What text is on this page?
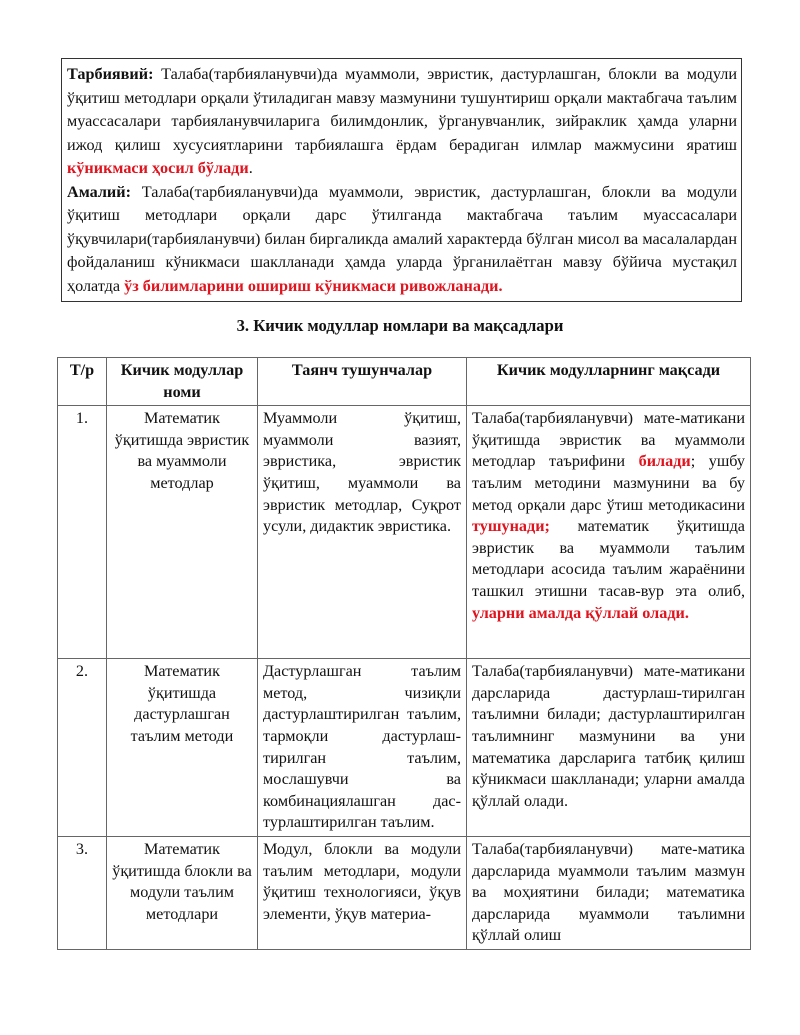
Тарбиявий: Талаба(тарбияланувчи)да муаммоли, эвристик, дастурлашган, блокли ва модули ўқитиш методлари орқали ўтиладиган мавзу мазмунини тушунтириш орқали мактабгача таълим муассасалари тарбияланувчиларига билимдонлик, ўрганувчанлик, зийраклик ҳамда уларни ижод қилиш хусусиятларини тарбиялашга ёрдам берадиган илмлар мажмусини яратиш кўникмаси ҳосил бўлади.

Амалий: Талаба(тарбияланувчи)да муаммоли, эвристик, дастурлашган, блокли ва модули ўқитиш методлари орқали дарс ўтилганда мактабгача таълим муассасалари ўқувчилари(тарбияланувчи) билан биргаликда амалий характерда бўлган мисол ва масалалардан фойдаланиш кўникмаси шаклланади ҳамда уларда ўрганилаётган мавзу бўйича мустақил ҳолатда ўз билимларини ошириш кўникмаси ривожланади.

3. Кичик модуллар номлари ва мақсадлари
Т/р	Кичик модуллар номи	Таянч тушунчалар	Кичик модулларнинг мақсади
1.	Математик ўқитишда эвристик ва муаммоли методлар	Муаммоли ўқитиш, муаммоли вазият, эвристика, эвристик ўқитиш, муаммоли ва эвристик методлар, Суқрот усули, дидактик эвристика.	Талаба(тарбияланувчи) мате-матикани ўқитишда эвристик ва муаммоли методлар таърифини билади; ушбу таълим методини мазмунини ва бу метод орқали дарс ўтиш методикасини тушунади; математик ўқитишда эвристик ва муаммоли таълим методлари асосида таълим жараёнини ташкил этишни тасав-вур эта олиб, уларни амалда қўллай олади.
2.	Математик ўқитишда дастурлашган таълим методи	Дастурлашган таълим метод, чизиқли дастурлаштирилган таълим, тармоқли дастурлаш-тирилган таълим, мослашувчи ва комбинациялашган дас-турлаштирилган таълим.	Талаба(тарбияланувчи) мате-матикани дарсларида дастурлаш-тирилган таълимни билади; дастурлаштирилган таълимнинг мазмунини ва уни математика дарсларига татбиқ қилиш кўникмаси шаклланади; уларни амалда қўллай олади.
3.	Математик ўқитишда блокли ва модули таълим методлари	Модул, блокли ва модули таълим методлари, модули ўқитиш технологияси, ўқув элементи, ўқув материа-	Талаба(тарбияланувчи) мате-матика дарсларида муаммоли таълим мазмун ва моҳиятини билади; математика дарсларида муаммоли таълимни қўллай олиш
